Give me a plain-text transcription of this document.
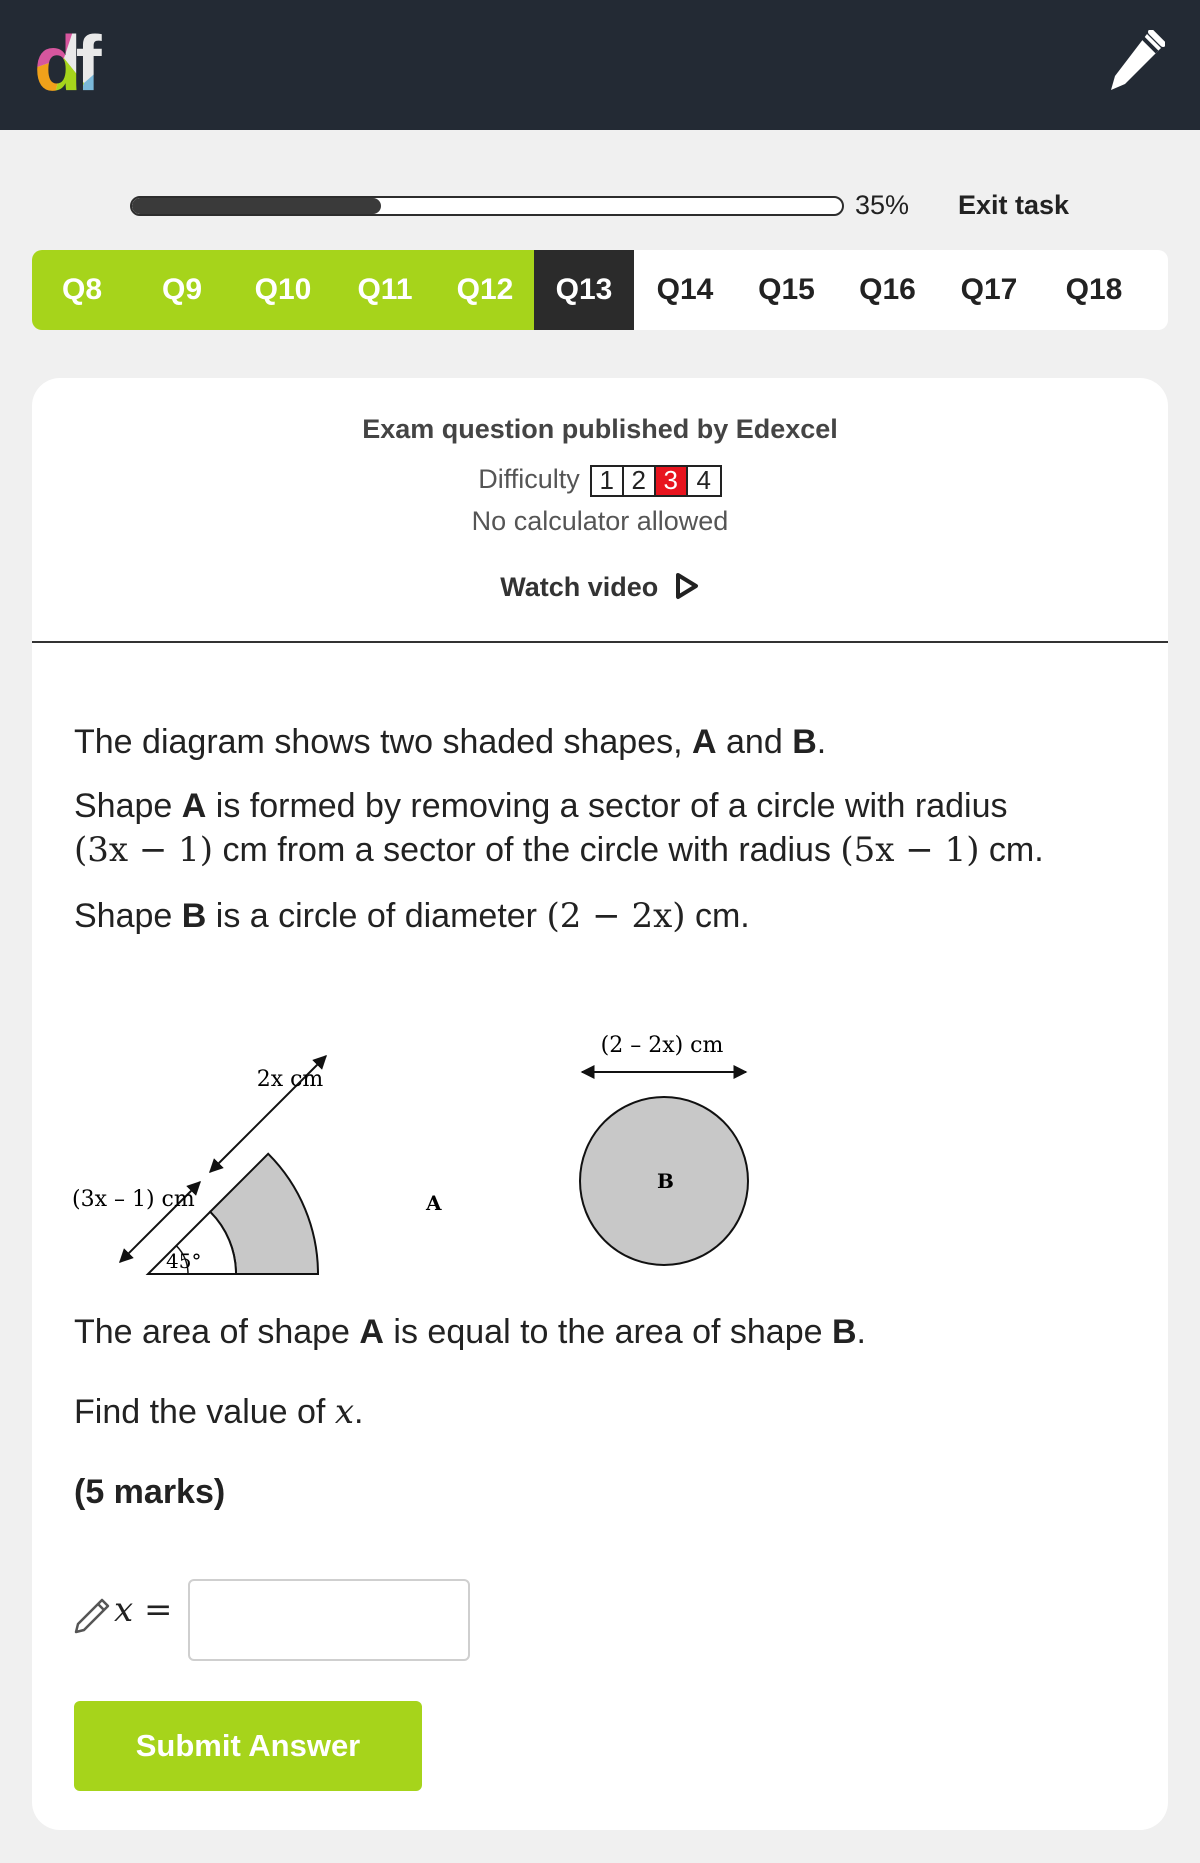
35% Exit task
Q8	Q9	Q10	Q11	Q12	Q13	Q14	Q15	Q16	Q17	Q18
Exam question published by Edexcel
Difficulty 1 2 3 4
No calculator allowed
Watch video
The diagram shows two shaded shapes, A and B.
Shape A is formed by removing a sector of a circle with radius
(3x − 1) cm from a sector of the circle with radius (5x − 1) cm.
Shape B is a circle of diameter (2 − 2x) cm.
2x cm
(3x – 1) cm
45°
A
(2 – 2x) cm
B
The area of shape A is equal to the area of shape B.
Find the value of x.
(5 marks)
x =
Submit Answer
